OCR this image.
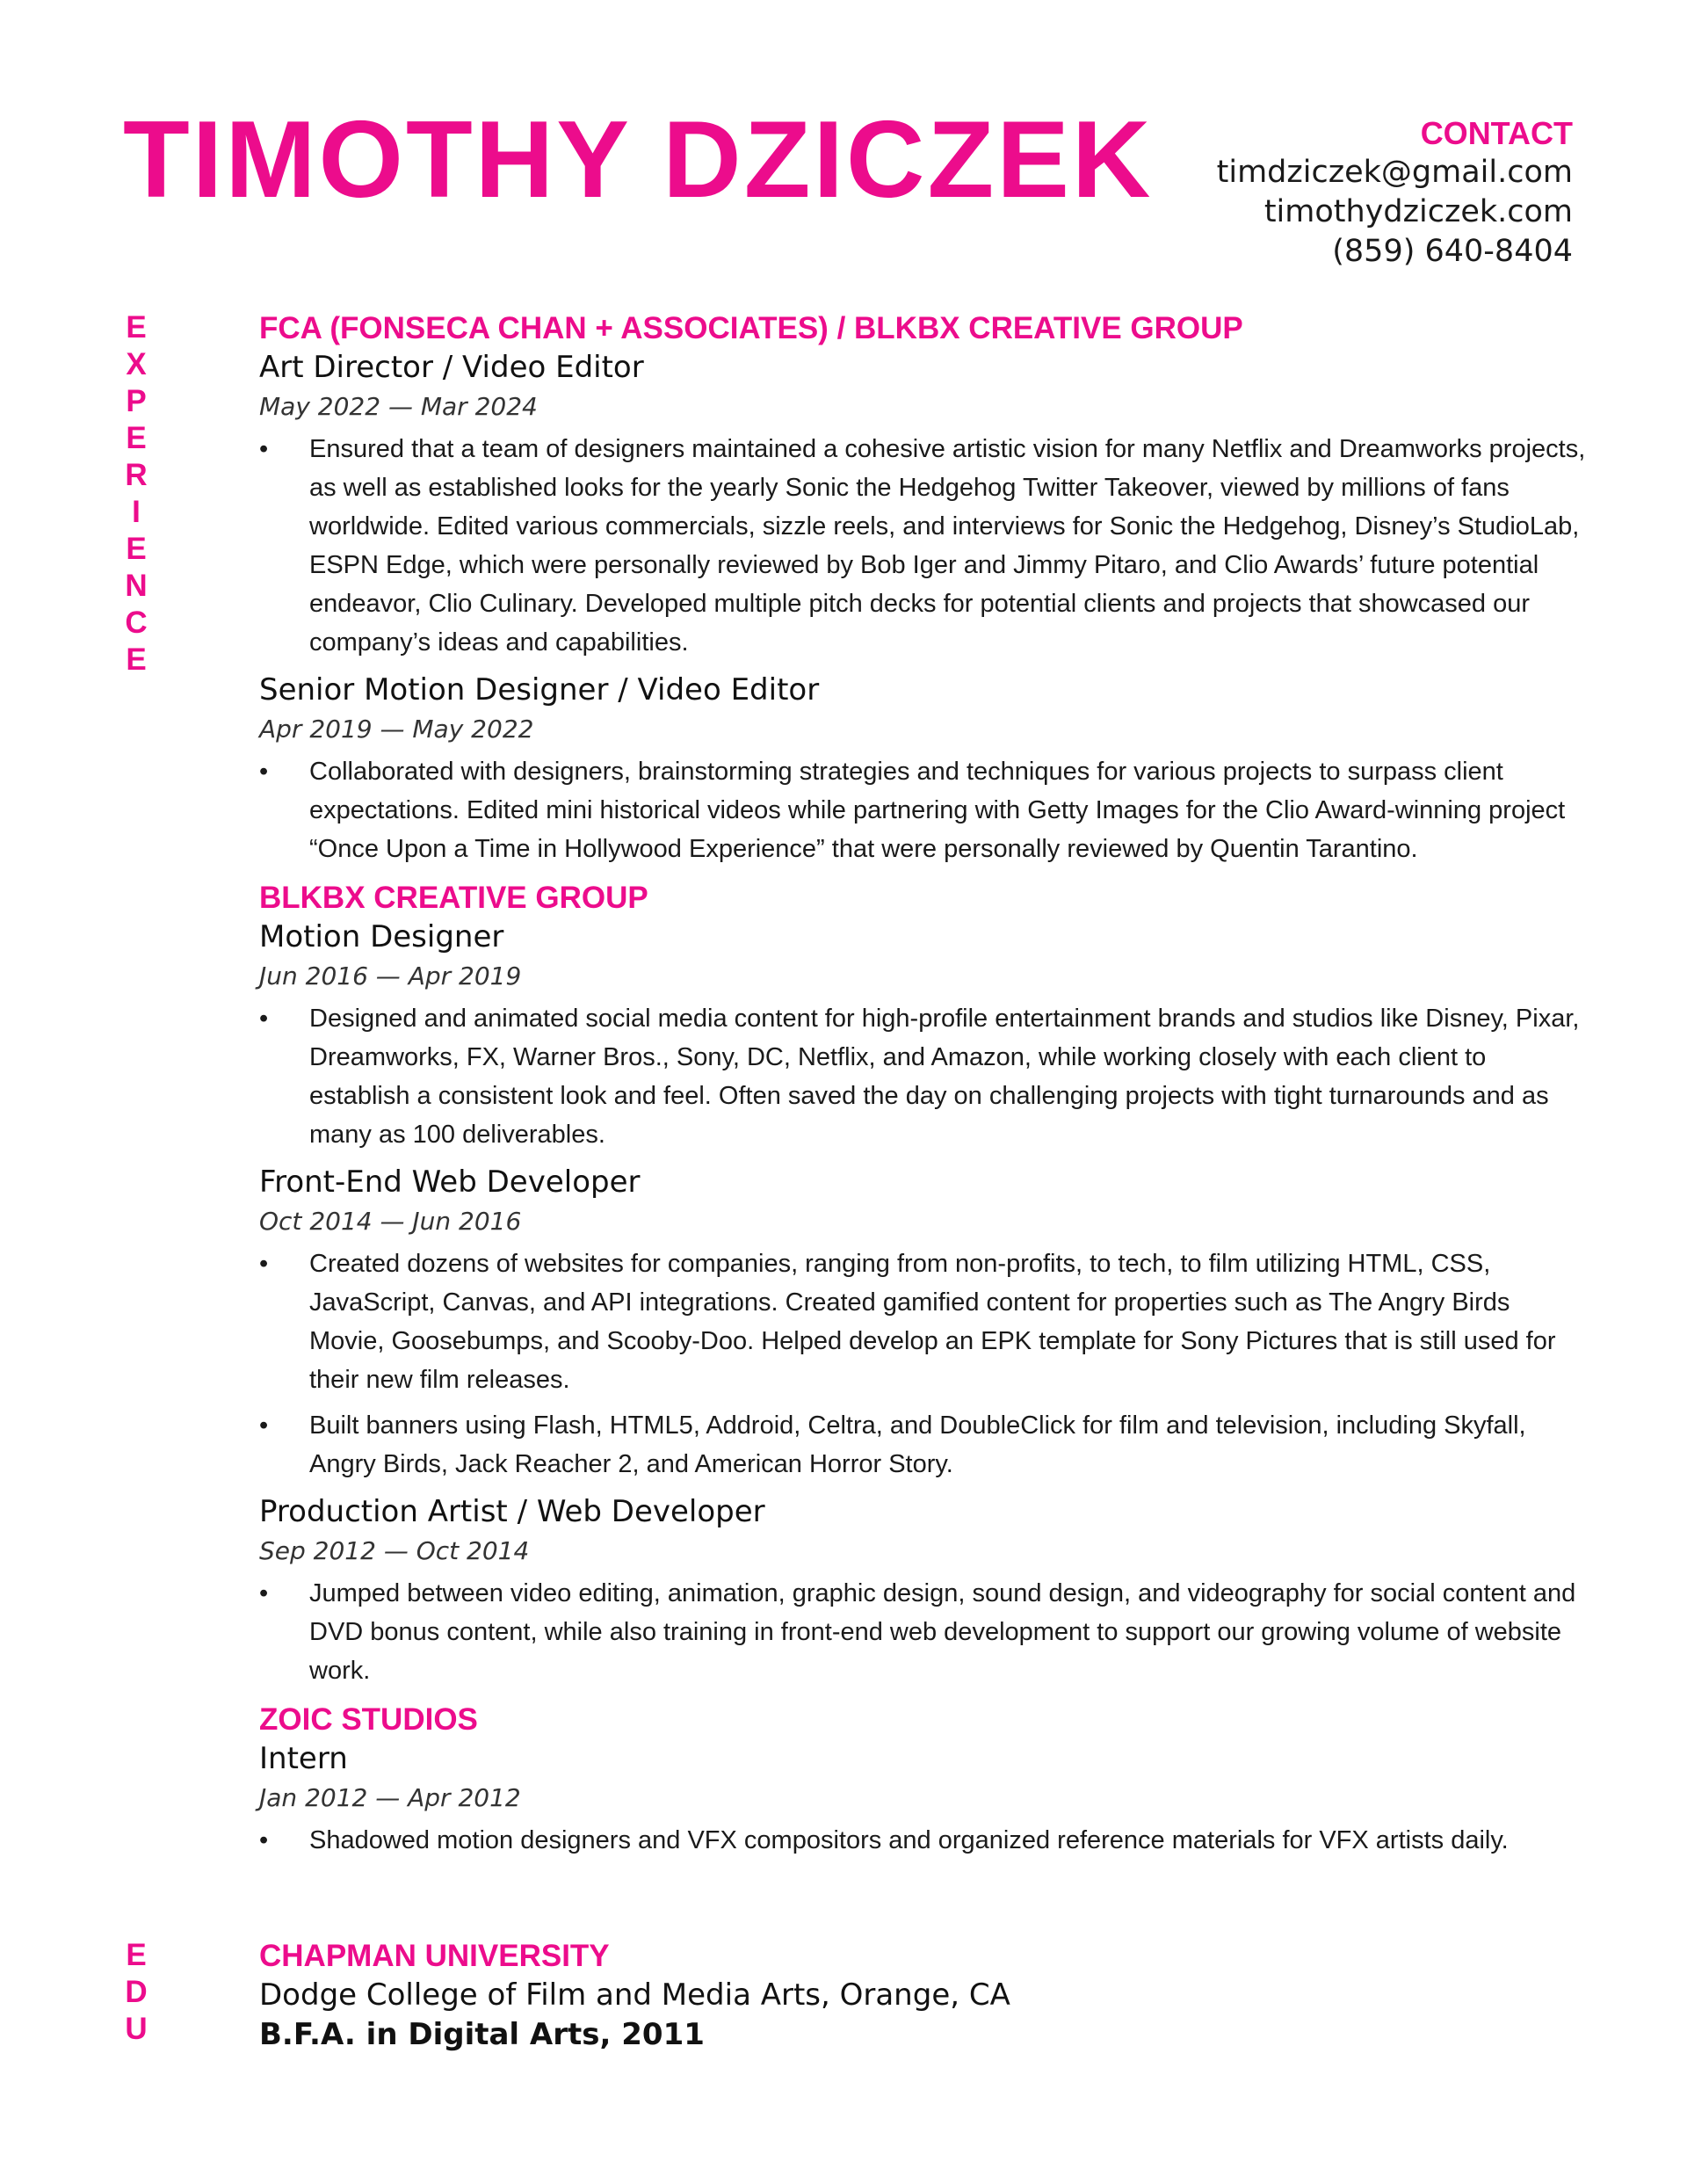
TIMOTHY DZICZEK	CONTACT
timdziczek@gmail.com
timothydziczek.com
(859) 640-8404
E
X
P
E
R
I
E
N
C
E
FCA (FONSECA CHAN + ASSOCIATES) / BLKBX CREATIVE GROUP
Art Director / Video Editor
May 2022 — Mar 2024
• Ensured that a team of designers maintained a cohesive artistic vision for many Netflix and Dreamworks projects, as well as established looks for the yearly Sonic the Hedgehog Twitter Takeover, viewed by millions of fans worldwide. Edited various commercials, sizzle reels, and interviews for Sonic the Hedgehog, Disney’s StudioLab, ESPN Edge, which were personally reviewed by Bob Iger and Jimmy Pitaro, and Clio Awards’ future potential endeavor, Clio Culinary. Developed multiple pitch decks for potential clients and projects that showcased our company’s ideas and capabilities.
Senior Motion Designer / Video Editor
Apr 2019 — May 2022
• Collaborated with designers, brainstorming strategies and techniques for various projects to surpass client expectations. Edited mini historical videos while partnering with Getty Images for the Clio Award-winning project “Once Upon a Time in Hollywood Experience” that were personally reviewed by Quentin Tarantino.
BLKBX CREATIVE GROUP
Motion Designer
Jun 2016 — Apr 2019
• Designed and animated social media content for high-profile entertainment brands and studios like Disney, Pixar, Dreamworks, FX, Warner Bros., Sony, DC, Netflix, and Amazon, while working closely with each client to establish a consistent look and feel. Often saved the day on challenging projects with tight turnarounds and as many as 100 deliverables.
Front-End Web Developer
Oct 2014 — Jun 2016
• Created dozens of websites for companies, ranging from non-profits, to tech, to film utilizing HTML, CSS, JavaScript, Canvas, and API integrations. Created gamified content for properties such as The Angry Birds Movie, Goosebumps, and Scooby-Doo. Helped develop an EPK template for Sony Pictures that is still used for their new film releases.
• Built banners using Flash, HTML5, Addroid, Celtra, and DoubleClick for film and television, including Skyfall, Angry Birds, Jack Reacher 2, and American Horror Story.
Production Artist / Web Developer
Sep 2012 — Oct 2014
• Jumped between video editing, animation, graphic design, sound design, and videography for social content and DVD bonus content, while also training in front-end web development to support our growing volume of website work.
ZOIC STUDIOS
Intern
Jan 2012 — Apr 2012
• Shadowed motion designers and VFX compositors and organized reference materials for VFX artists daily.
E
D
U
CHAPMAN UNIVERSITY
Dodge College of Film and Media Arts, Orange, CA
B.F.A. in Digital Arts, 2011
